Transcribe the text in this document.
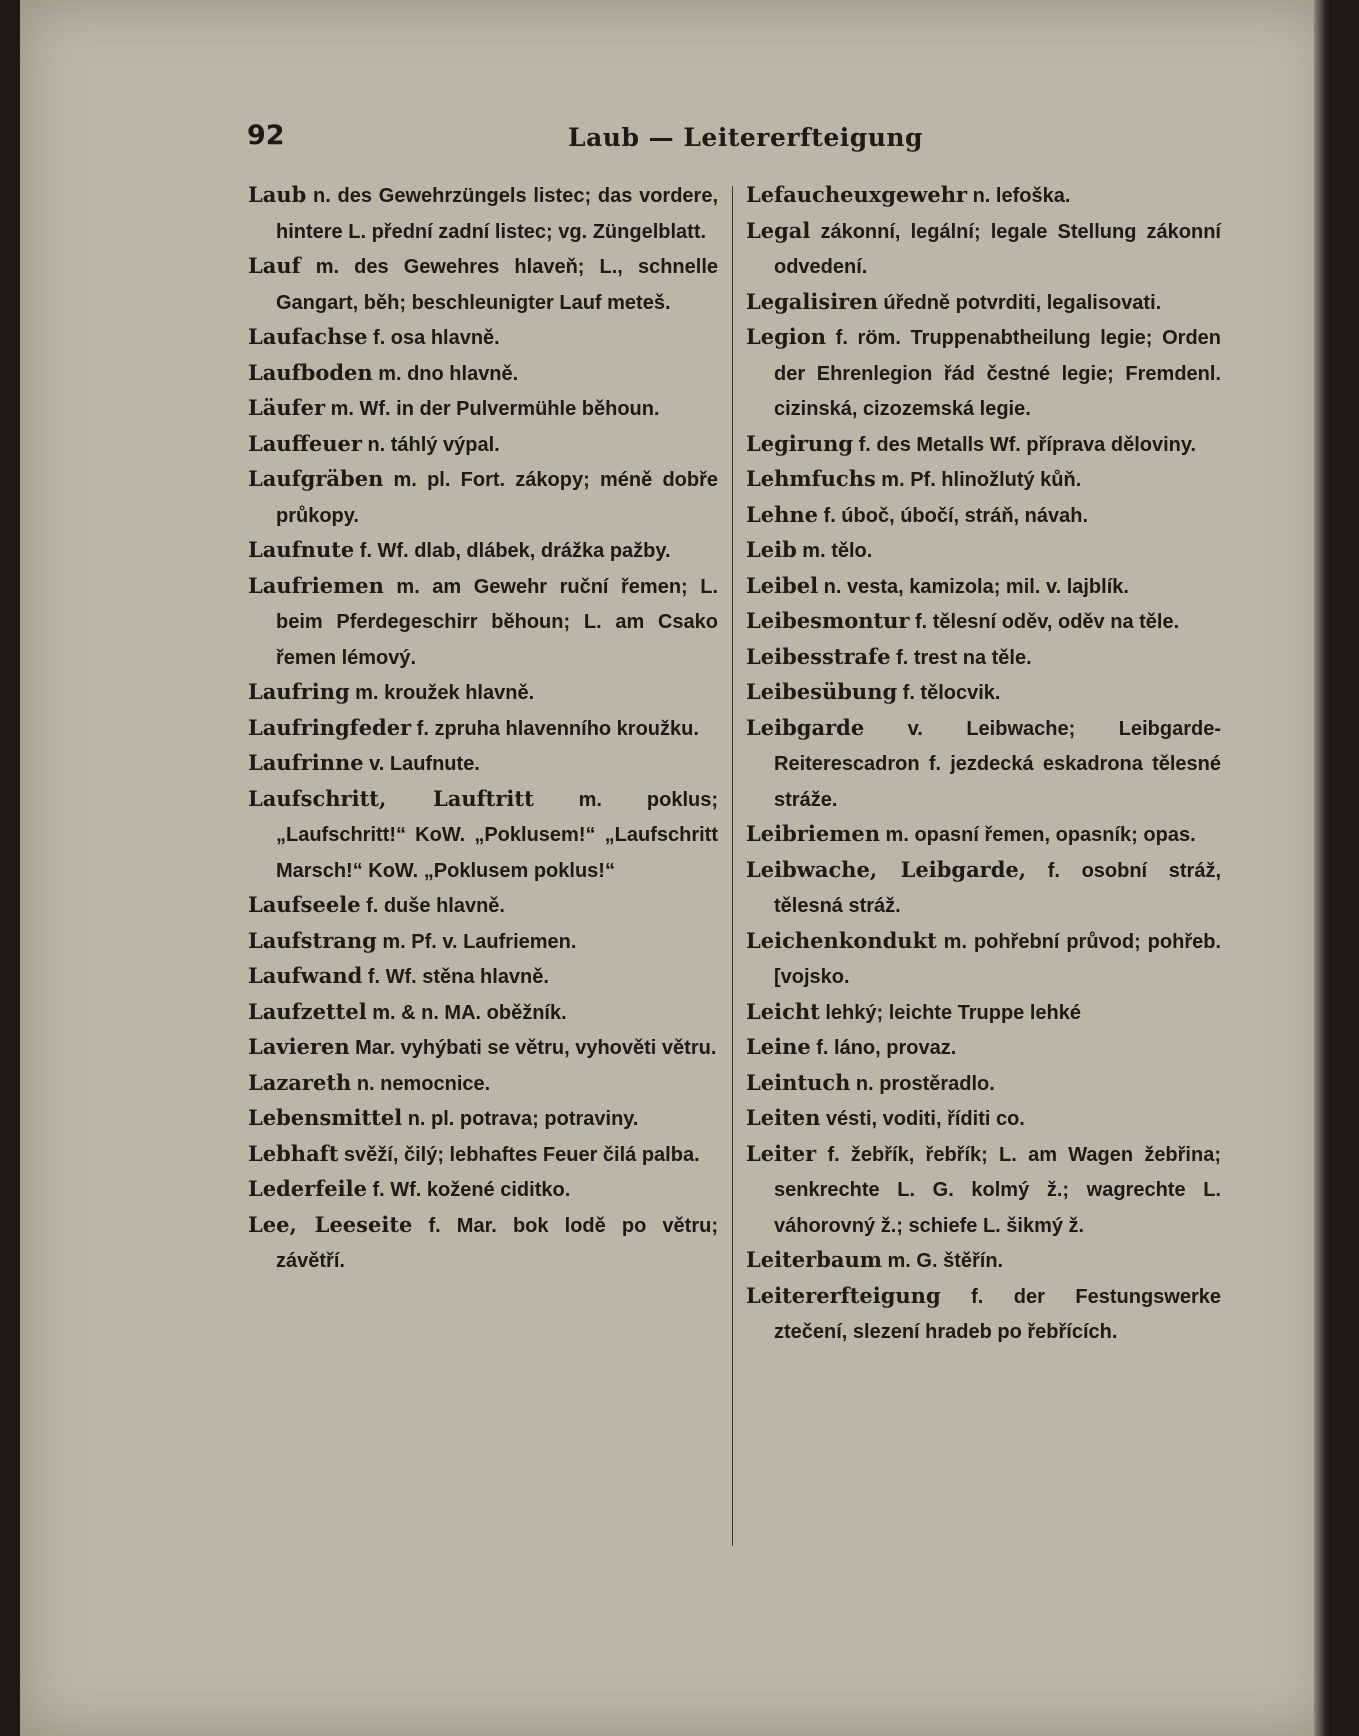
92	Laub — Leitererfteigung

Laub n. des Gewehrzüngels listec; das vordere, hintere L. přední zadní listec; vg. Züngelblatt.

Lauf m. des Gewehres hlaveň; L., schnelle Gangart, běh; beschleunigter Lauf meteš.

Laufachse f. osa hlavně.

Laufboden m. dno hlavně.

Läufer m. Wf. in der Pulvermühle běhoun.

Lauffeuer n. táhlý výpal.

Laufgräben m. pl. Fort. zákopy; méně dobře průkopy.

Laufnute f. Wf. dlab, dlábek, drážka pažby.

Laufriemen m. am Gewehr ruční řemen; L. beim Pferdegeschirr běhoun; L. am Csako řemen lémový.

Laufring m. kroužek hlavně.

Laufringfeder f. zpruha hlavenního kroužku.

Laufrinne v. Laufnute.

Laufschritt, Lauftritt m. poklus; „Laufschritt!“ KoW. „Poklusem!“ „Laufschritt Marsch!“ KoW. „Poklusem poklus!“

Laufseele f. duše hlavně.

Laufstrang m. Pf. v. Laufriemen.

Laufwand f. Wf. stěna hlavně.

Laufzettel m. & n. MA. oběžník.

Lavieren Mar. vyhýbati se větru, vyhověti větru.

Lazareth n. nemocnice.

Lebensmittel n. pl. potrava; potraviny.

Lebhaft svěží, čilý; lebhaftes Feuer čilá palba.

Lederfeile f. Wf. kožené ciditko.

Lee, Leeseite f. Mar. bok lodě po větru; závětří.

Lefaucheuxgewehr n. lefoška.

Legal zákonní, legální; legale Stellung zákonní odvedení.

Legalisiren úředně potvrditi, legalisovati.

Legion f. röm. Truppenabtheilung legie; Orden der Ehrenlegion řád čestné legie; Fremdenl. cizinská, cizozemská legie.

Legirung f. des Metalls Wf. příprava děloviny.

Lehmfuchs m. Pf. hlinožlutý kůň.

Lehne f. úboč, úbočí, stráň, návah.

Leib m. tělo.

Leibel n. vesta, kamizola; mil. v. lajblík.

Leibesmontur f. tělesní oděv, oděv na těle.

Leibesstrafe f. trest na těle.

Leibesübung f. tělocvik.

Leibgarde v. Leibwache; Leibgarde-Reiterescadron f. jezdecká eskadrona tělesné stráže.

Leibriemen m. opasní řemen, opasník; opas.

Leibwache, Leibgarde, f. osobní stráž, tělesná stráž.

Leichenkondukt m. pohřební průvod; pohřeb. [vojsko.

Leicht lehký; leichte Truppe lehké

Leine f. láno, provaz.

Leintuch n. prostěradlo.

Leiten vésti, voditi, říditi co.

Leiter f. žebřík, řebřík; L. am Wagen žebřina; senkrechte L. G. kolmý ž.; wagrechte L. váhorovný ž.; schiefe L. šikmý ž.

Leiterbaum m. G. štěřín.

Leitererfteigung f. der Festungswerke ztečení, slezení hradeb po řebřících.
